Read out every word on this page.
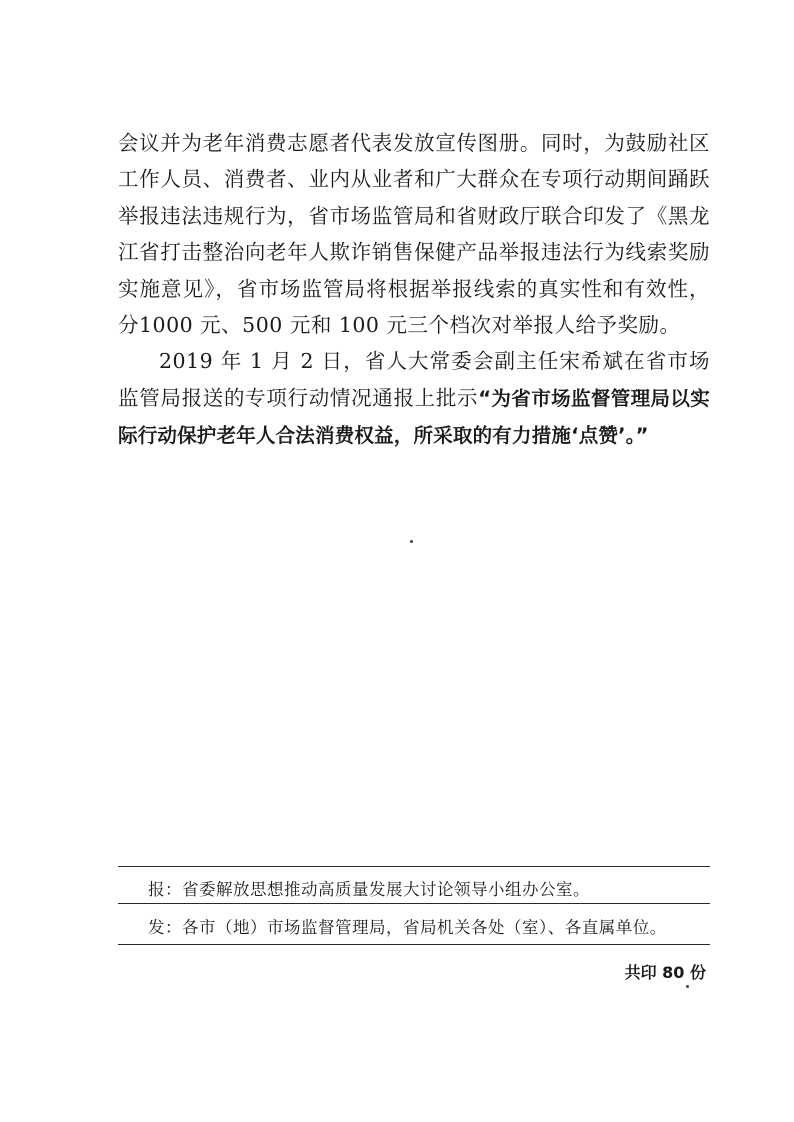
会议并为老年消费志愿者代表发放宣传图册。同时，为鼓励社区工作人员、消费者、业内从业者和广大群众在专项行动期间踊跃举报违法违规行为，省市场监管局和省财政厅联合印发了《黑龙江省打击整治向老年人欺诈销售保健产品举报违法行为线索奖励实施意见》，省市场监管局将根据举报线索的真实性和有效性，分1000 元、500 元和 100 元三个档次对举报人给予奖励。

2019 年 1 月 2 日，省人大常委会副主任宋希斌在省市场监管局报送的专项行动情况通报上批示“为省市场监督管理局以实际行动保护老年人合法消费权益，所采取的有力措施‘点赞’。”

报：省委解放思想推动高质量发展大讨论领导小组办公室。
发：各市（地）市场监督管理局，省局机关各处（室）、各直属单位。
共印 80 份
